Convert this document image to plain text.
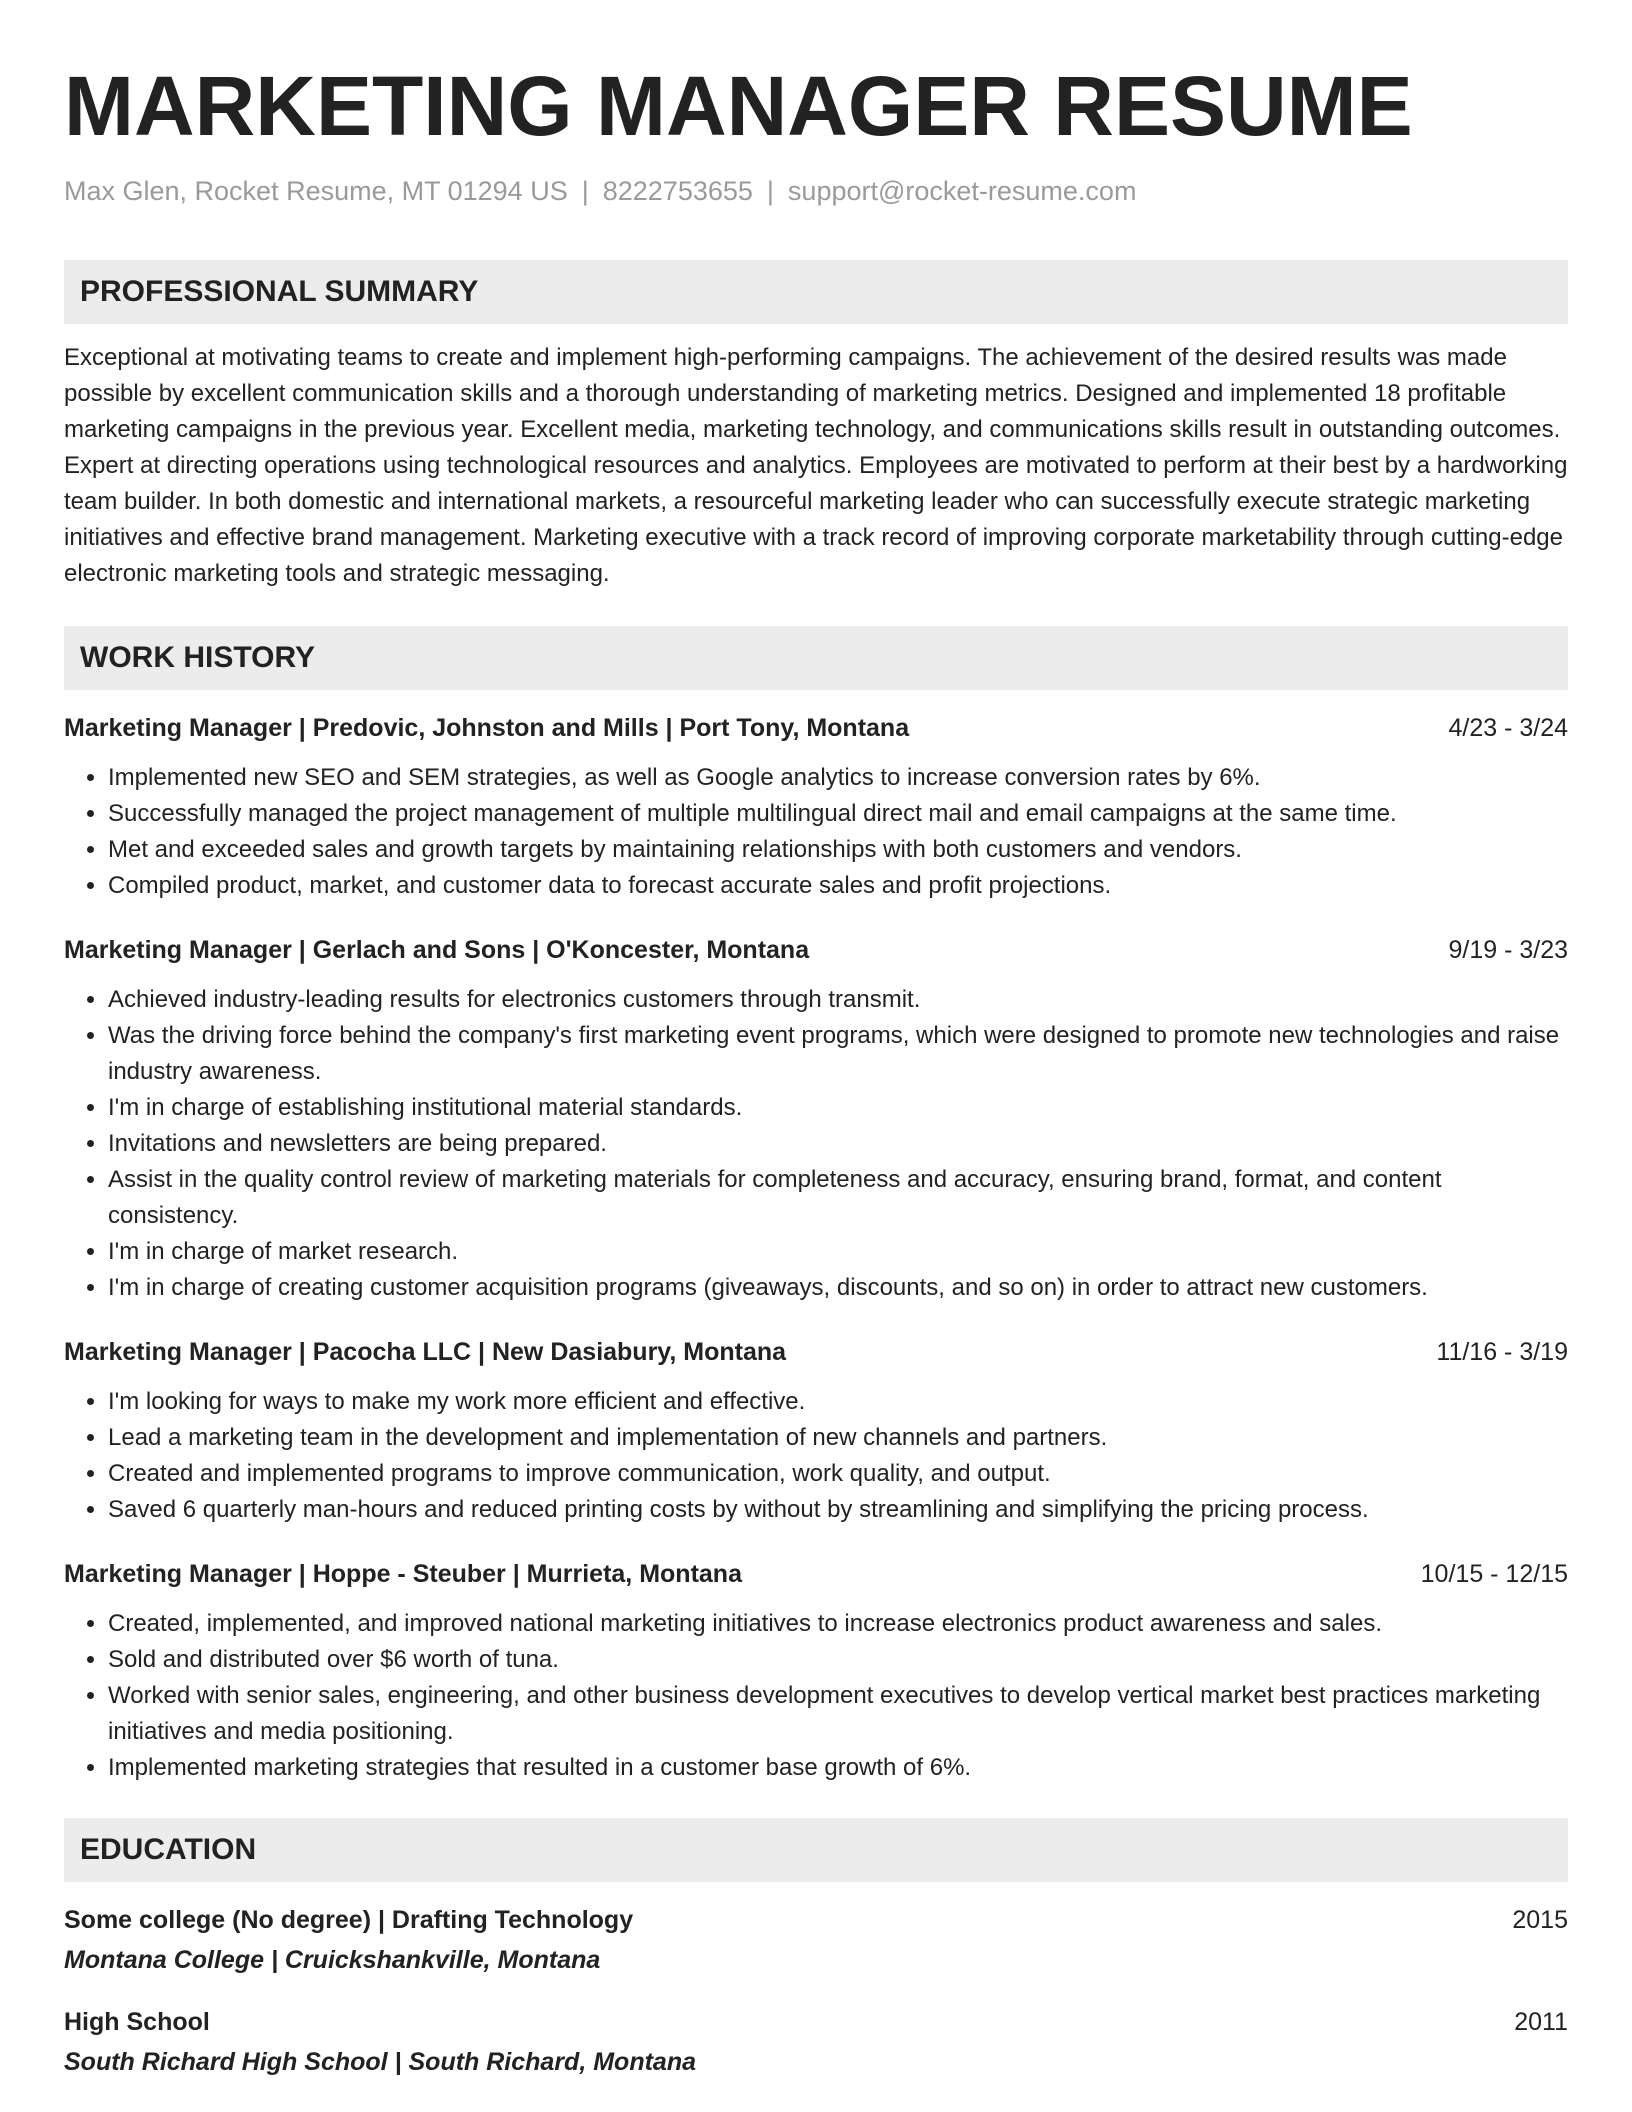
MARKETING MANAGER RESUME
Max Glen, Rocket Resume, MT 01294 US | 8222753655 | support@rocket-resume.com
PROFESSIONAL SUMMARY

Exceptional at motivating teams to create and implement high-performing campaigns. The achievement of the desired results was made possible by excellent communication skills and a thorough understanding of marketing metrics. Designed and implemented 18 profitable marketing campaigns in the previous year. Excellent media, marketing technology, and communications skills result in outstanding outcomes. Expert at directing operations using technological resources and analytics. Employees are motivated to perform at their best by a hardworking team builder. In both domestic and international markets, a resourceful marketing leader who can successfully execute strategic marketing initiatives and effective brand management. Marketing executive with a track record of improving corporate marketability through cutting-edge electronic marketing tools and strategic messaging.

WORK HISTORY
Marketing Manager | Predovic, Johnston and Mills | Port Tony, Montana	4/23 - 3/24
• Implemented new SEO and SEM strategies, as well as Google analytics to increase conversion rates by 6%.
• Successfully managed the project management of multiple multilingual direct mail and email campaigns at the same time.
• Met and exceeded sales and growth targets by maintaining relationships with both customers and vendors.
• Compiled product, market, and customer data to forecast accurate sales and profit projections.
Marketing Manager | Gerlach and Sons | O'Koncester, Montana	9/19 - 3/23
• Achieved industry-leading results for electronics customers through transmit.
• Was the driving force behind the company's first marketing event programs, which were designed to promote new technologies and raise industry awareness.
• I'm in charge of establishing institutional material standards.
• Invitations and newsletters are being prepared.
• Assist in the quality control review of marketing materials for completeness and accuracy, ensuring brand, format, and content consistency.
• I'm in charge of market research.
• I'm in charge of creating customer acquisition programs (giveaways, discounts, and so on) in order to attract new customers.
Marketing Manager | Pacocha LLC | New Dasiabury, Montana	11/16 - 3/19
• I'm looking for ways to make my work more efficient and effective.
• Lead a marketing team in the development and implementation of new channels and partners.
• Created and implemented programs to improve communication, work quality, and output.
• Saved 6 quarterly man-hours and reduced printing costs by without by streamlining and simplifying the pricing process.
Marketing Manager | Hoppe - Steuber | Murrieta, Montana	10/15 - 12/15
• Created, implemented, and improved national marketing initiatives to increase electronics product awareness and sales.
• Sold and distributed over $6 worth of tuna.
• Worked with senior sales, engineering, and other business development executives to develop vertical market best practices marketing initiatives and media positioning.
• Implemented marketing strategies that resulted in a customer base growth of 6%.
EDUCATION
Some college (No degree) | Drafting Technology	2015
Montana College | Cruickshankville, Montana
High School	2011
South Richard High School | South Richard, Montana
